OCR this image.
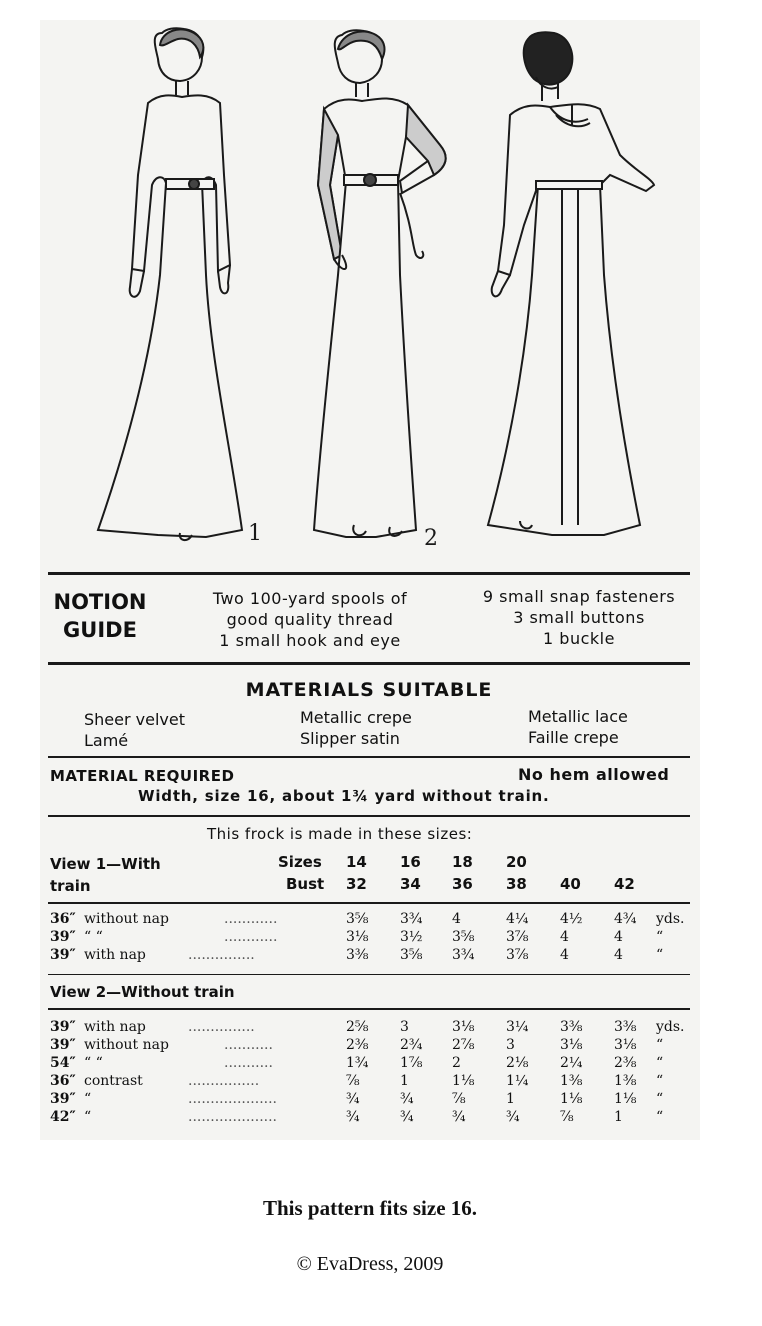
1	2
NOTION
GUIDE
Two 100-yard spools of
good quality thread
1 small hook and eye
9 small snap fasteners
3 small buttons
1 buckle
MATERIALS SUITABLE
Sheer velvet
Lamé
Metallic crepe
Slipper satin
Metallic lace
Faille crepe
MATERIAL REQUIRED	No hem allowed
Width, size 16, about 1¾ yard without train.
This frock is made in these sizes:
View 1—With
train
Sizes
Bust
14 16 18 20
32 34 36 38 40 42
36″ without nap	............	3⅝ 3¾ 4	4¼ 4½ 4¾ yds.
39″ “ “	............	3⅛ 3½ 3⅝ 3⅞ 4	4 “
39″ with nap	...............	3⅜ 3⅝ 3¾ 3⅞ 4	4 “
View 2—Without train
39″ with nap	...............	2⅝ 3	3⅛ 3¼ 3⅜ 3⅜ yds.
39″ without nap	...........	2⅜ 2¾ 2⅞ 3	3⅛ 3⅛ “
54″ “ “	...........	1¾ 1⅞ 2	2⅛ 2¼ 2⅜ “
36″ contrast	................	⅞	1	1⅛ 1¼ 1⅜ 1⅜ “
39″ “	....................	¾	¾	⅞	1	1⅛ 1⅛ “
42″ “	....................	¾	¾	¾	¾	⅞	1 “
This pattern fits size 16.
© EvaDress, 2009
